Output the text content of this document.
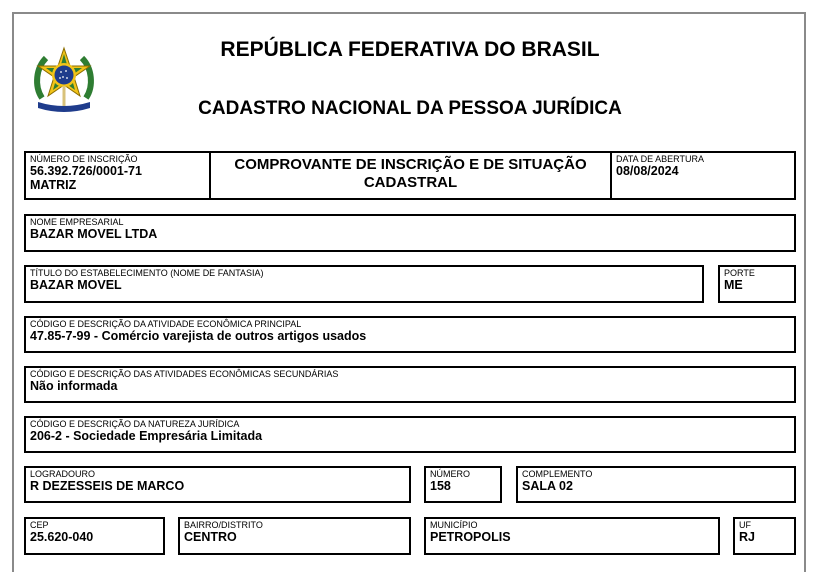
REPÚBLICA FEDERATIVA DO BRASIL
CADASTRO NACIONAL DA PESSOA JURÍDICA
NÚMERO DE INSCRIÇÃO
56.392.726/0001-71
MATRIZ
COMPROVANTE DE INSCRIÇÃO E DE SITUAÇÃO
CADASTRAL
DATA DE ABERTURA
08/08/2024
NOME EMPRESARIAL
BAZAR MOVEL LTDA
TÍTULO DO ESTABELECIMENTO (NOME DE FANTASIA)
BAZAR MOVEL
PORTE
ME
CÓDIGO E DESCRIÇÃO DA ATIVIDADE ECONÔMICA PRINCIPAL
47.85-7-99 - Comércio varejista de outros artigos usados
CÓDIGO E DESCRIÇÃO DAS ATIVIDADES ECONÔMICAS SECUNDÁRIAS
Não informada
CÓDIGO E DESCRIÇÃO DA NATUREZA JURÍDICA
206-2 - Sociedade Empresária Limitada
LOGRADOURO
R DEZESSEIS DE MARCO
NÚMERO
158
COMPLEMENTO
SALA 02
CEP
25.620-040
BAIRRO/DISTRITO
CENTRO
MUNICÍPIO
PETROPOLIS
UF
RJ
